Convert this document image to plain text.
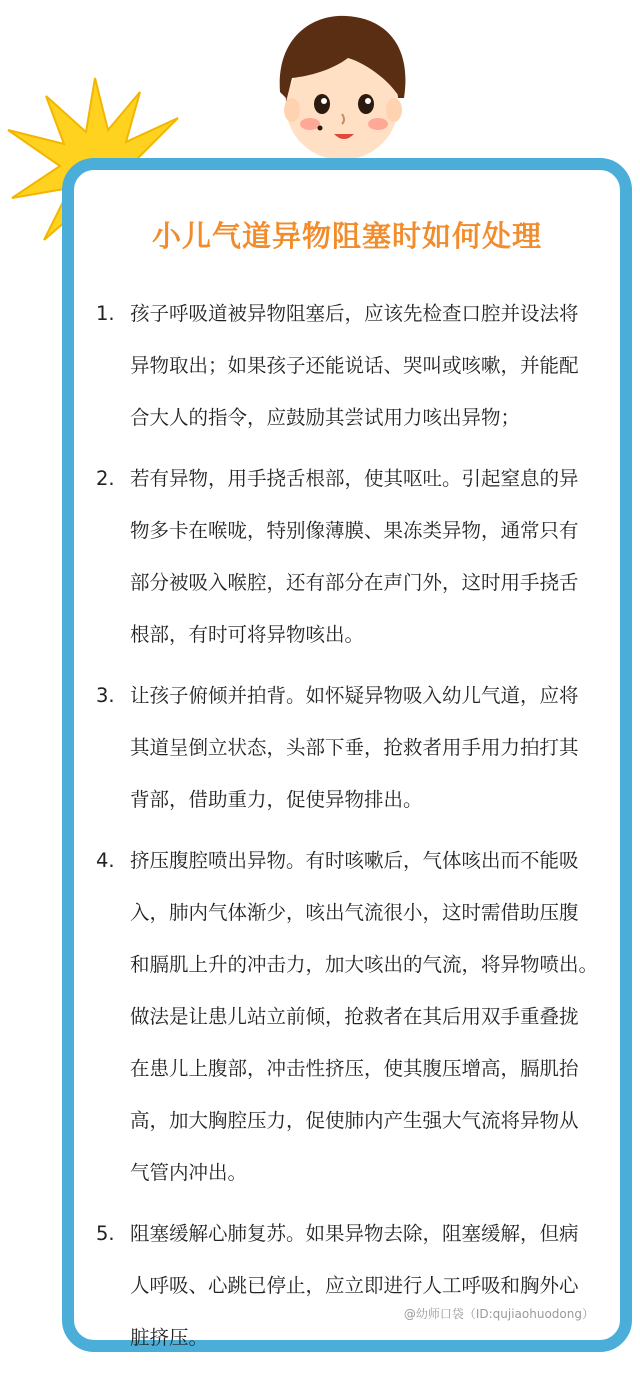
小儿气道异物阻塞时如何处理
1. 孩子呼吸道被异物阻塞后，应该先检查口腔并设法将
异物取出；如果孩子还能说话、哭叫或咳嗽，并能配
合大人的指令，应鼓励其尝试用力咳出异物；
2. 若有异物，用手挠舌根部，使其呕吐。引起窒息的异
物多卡在喉咙，特别像薄膜、果冻类异物，通常只有
部分被吸入喉腔，还有部分在声门外，这时用手挠舌
根部，有时可将异物咳出。
3. 让孩子俯倾并拍背。如怀疑异物吸入幼儿气道，应将
其道呈倒立状态，头部下垂，抢救者用手用力拍打其
背部，借助重力，促使异物排出。
4. 挤压腹腔喷出异物。有时咳嗽后，气体咳出而不能吸
入，肺内气体渐少，咳出气流很小，这时需借助压腹
和膈肌上升的冲击力，加大咳出的气流，将异物喷出。
做法是让患儿站立前倾，抢救者在其后用双手重叠拢
在患儿上腹部，冲击性挤压，使其腹压增高，膈肌抬
高，加大胸腔压力，促使肺内产生强大气流将异物从
气管内冲出。
5. 阻塞缓解心肺复苏。如果异物去除，阻塞缓解，但病
人呼吸、心跳已停止，应立即进行人工呼吸和胸外心
脏挤压。
@幼师口袋（ID:qujiaohuodong）
